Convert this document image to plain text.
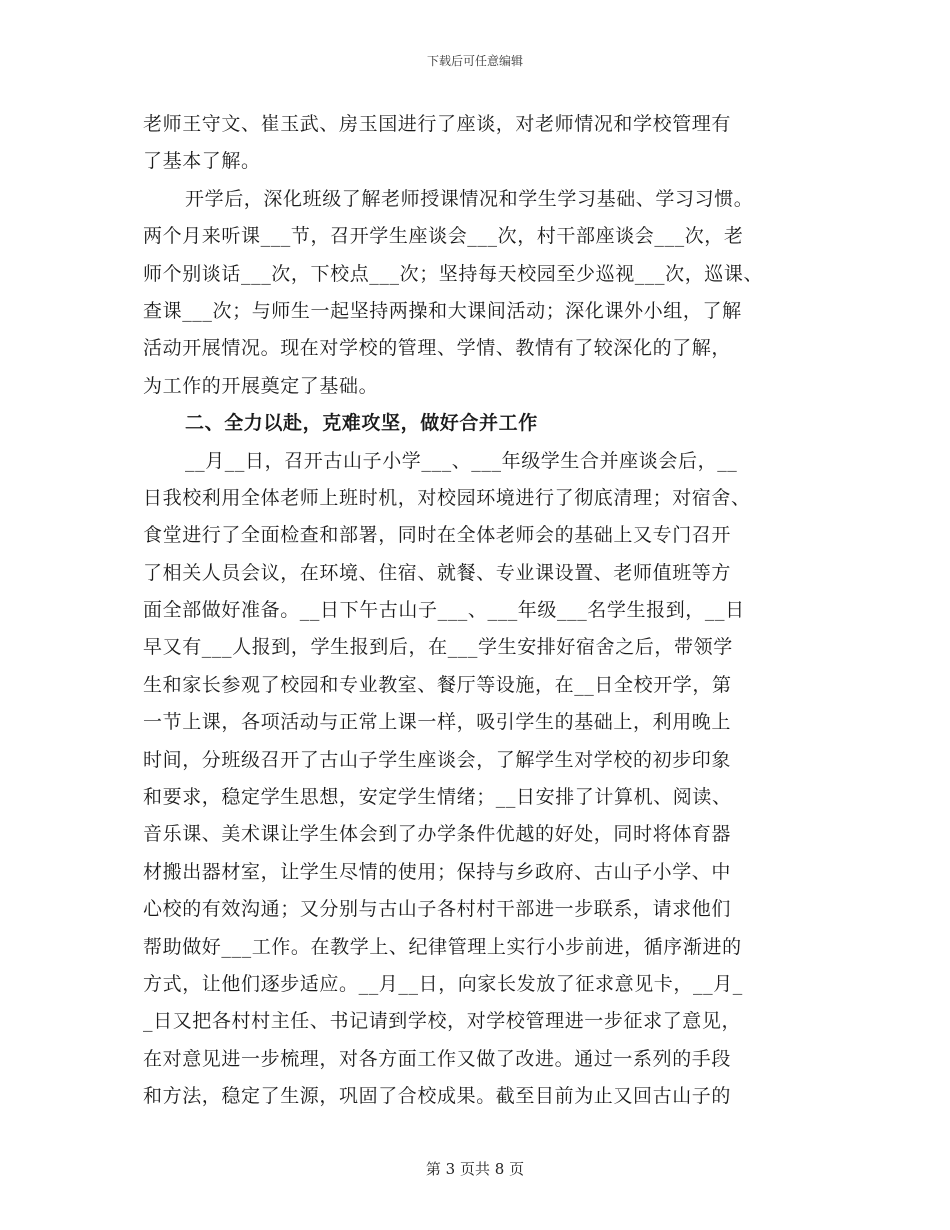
下载后可任意编辑
老师王守文、崔玉武、房玉国进行了座谈，对老师情况和学校管理有
了基本了解。
开学后，深化班级了解老师授课情况和学生学习基础、学习习惯。
两个月来听课___节，召开学生座谈会___次，村干部座谈会___次，老
师个别谈话___次，下校点___次；坚持每天校园至少巡视___次，巡课、
查课___次；与师生一起坚持两操和大课间活动；深化课外小组，了解
活动开展情况。现在对学校的管理、学情、教情有了较深化的了解，
为工作的开展奠定了基础。
二、全力以赴，克难攻坚，做好合并工作
__月__日，召开古山子小学___、___年级学生合并座谈会后，__
日我校利用全体老师上班时机，对校园环境进行了彻底清理；对宿舍、
食堂进行了全面检查和部署，同时在全体老师会的基础上又专门召开
了相关人员会议，在环境、住宿、就餐、专业课设置、老师值班等方
面全部做好准备。__日下午古山子___、___年级___名学生报到，__日
早又有___人报到，学生报到后，在___学生安排好宿舍之后，带领学
生和家长参观了校园和专业教室、餐厅等设施，在__日全校开学，第
一节上课，各项活动与正常上课一样，吸引学生的基础上，利用晚上
时间，分班级召开了古山子学生座谈会，了解学生对学校的初步印象
和要求，稳定学生思想，安定学生情绪；__日安排了计算机、阅读、
音乐课、美术课让学生体会到了办学条件优越的好处，同时将体育器
材搬出器材室，让学生尽情的使用；保持与乡政府、古山子小学、中
心校的有效沟通；又分别与古山子各村村干部进一步联系，请求他们
帮助做好___工作。在教学上、纪律管理上实行小步前进，循序渐进的
方式，让他们逐步适应。__月__日，向家长发放了征求意见卡，__月_
_日又把各村村主任、书记请到学校，对学校管理进一步征求了意见，
在对意见进一步梳理，对各方面工作又做了改进。通过一系列的手段
和方法，稳定了生源，巩固了合校成果。截至目前为止又回古山子的
第 3 页共 8 页
